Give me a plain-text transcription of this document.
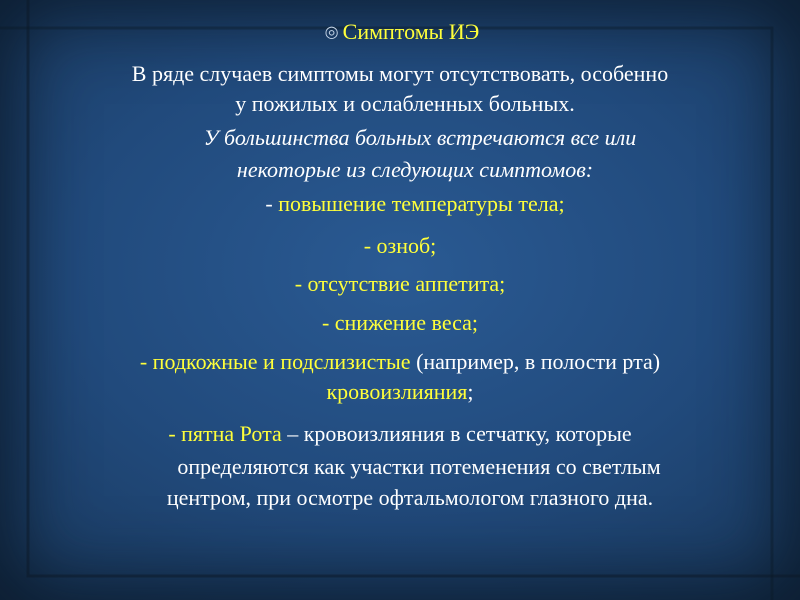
◎ Симптомы ИЭ
В ряде случаев симптомы могут отсутствовать, особенно
у пожилых и ослабленных больных.
У большинства больных встречаются все или
некоторые из следующих симптомов:
- повышение температуры тела;
- озноб;
- отсутствие аппетита;
- снижение веса;
- подкожные и подслизистые (например, в полости рта)
кровоизлияния;
- пятна Рота – кровоизлияния в сетчатку, которые
определяются как участки потеменения со светлым
центром, при осмотре офтальмологом глазного дна.
